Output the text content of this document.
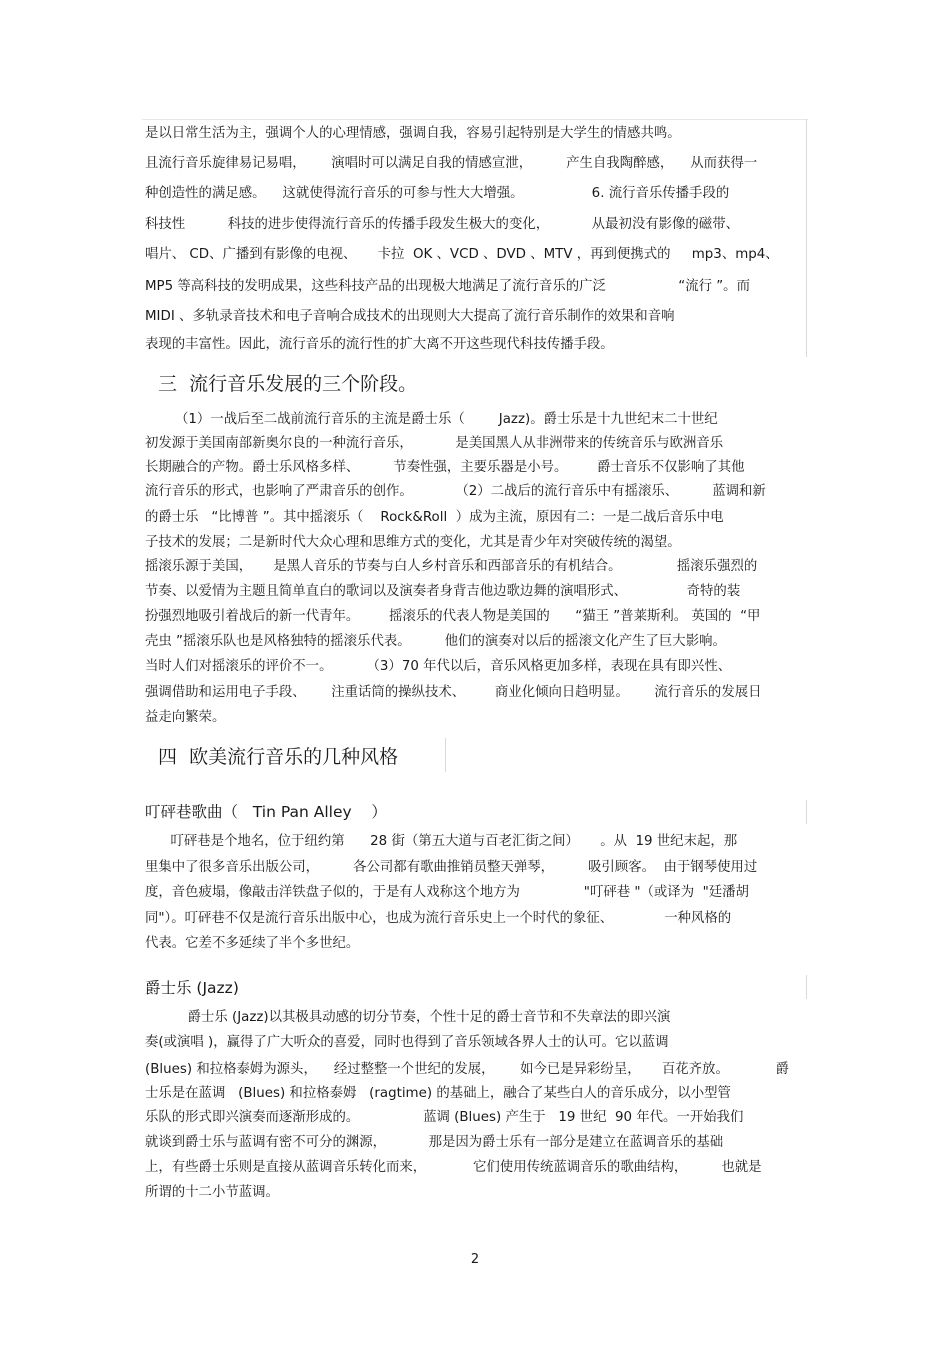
是以日常生活为主，强调个人的心理情感，强调自我，容易引起特别是大学生的情感共鸣。
且流行音乐旋律易记易唱，      演唱时可以满足自我的情感宣泄，        产生自我陶醉感，    从而获得一
种创造性的满足感。    这就使得流行音乐的可参与性大大增强。                6. 流行音乐传播手段的
科技性          科技的进步使得流行音乐的传播手段发生极大的变化，          从最初没有影像的磁带、
唱片、 CD、广播到有影像的电视、     卡拉  OK 、VCD 、DVD 、MTV ，再到便携式的     mp3、mp4、
MP5 等高科技的发明成果，这些科技产品的出现极大地满足了流行音乐的广泛                 “流行 ”。而
MIDI 、多轨录音技术和电子音响合成技术的出现则大大提高了流行音乐制作的效果和音响
表现的丰富性。因此，流行音乐的流行性的扩大离不开这些现代科技传播手段。
三  流行音乐发展的三个阶段。
（1）一战后至二战前流行音乐的主流是爵士乐（        Jazz)。爵士乐是十九世纪末二十世纪
初发源于美国南部新奥尔良的一种流行音乐，          是美国黑人从非洲带来的传统音乐与欧洲音乐
长期融合的产物。爵士乐风格多样、        节奏性强，主要乐器是小号。       爵士音乐不仅影响了其他
流行音乐的形式，也影响了严肃音乐的创作。          （2）二战后的流行音乐中有摇滚乐、        蓝调和新
的爵士乐   “比博普 ”。其中摇滚乐（    Rock&Roll  ）成为主流，原因有二：一是二战后音乐中电
子技术的发展；二是新时代大众心理和思维方式的变化，尤其是青少年对突破传统的渴望。
摇滚乐源于美国，     是黑人音乐的节奏与白人乡村音乐和西部音乐的有机结合。             摇滚乐强烈的
节奏、以爱情为主题且简单直白的歌词以及演奏者身背吉他边歌边舞的演唱形式、              奇特的装
扮强烈地吸引着战后的新一代青年。       摇滚乐的代表人物是美国的      “猫王 ”普莱斯利。 英国的  “甲
壳虫 ”摇滚乐队也是风格独特的摇滚乐代表。        他们的演奏对以后的摇滚文化产生了巨大影响。
当时人们对摇滚乐的评价不一。        （3）70 年代以后，音乐风格更加多样，表现在具有即兴性、
强调借助和运用电子手段、      注重话筒的操纵技术、       商业化倾向日趋明显。      流行音乐的发展日
益走向繁荣。
四  欧美流行音乐的几种风格
叮砰巷歌曲（   Tin Pan Alley    ）
叮砰巷是个地名，位于纽约第      28 街（第五大道与百老汇街之间）     。从  19 世纪末起，那
里集中了很多音乐出版公司，        各公司都有歌曲推销员整天弹琴，        吸引顾客。  由于钢琴使用过
度，音色疲塌，像敲击洋铁盘子似的，于是有人戏称这个地方为               "叮砰巷 "（或译为  "廷潘胡
同"）。叮砰巷不仅是流行音乐出版中心，也成为流行音乐史上一个时代的象征、            一种风格的
代表。它差不多延续了半个多世纪。
爵士乐 (Jazz)
爵士乐 (Jazz)以其极具动感的切分节奏，个性十足的爵士音节和不失章法的即兴演
奏(或演唱 )，赢得了广大听众的喜爱，同时也得到了音乐领域各界人士的认可。它以蓝调
(Blues) 和拉格泰姆为源头，    经过整整一个世纪的发展，      如今已是异彩纷呈，     百花齐放。           爵
士乐是在蓝调   (Blues) 和拉格泰姆   (ragtime) 的基础上，融合了某些白人的音乐成分，以小型管
乐队的形式即兴演奏而逐渐形成的。               蓝调 (Blues) 产生于   19 世纪  90 年代。一开始我们
就谈到爵士乐与蓝调有密不可分的渊源，          那是因为爵士乐有一部分是建立在蓝调音乐的基础
上，有些爵士乐则是直接从蓝调音乐转化而来，           它们使用传统蓝调音乐的歌曲结构，        也就是
所谓的十二小节蓝调。
2
